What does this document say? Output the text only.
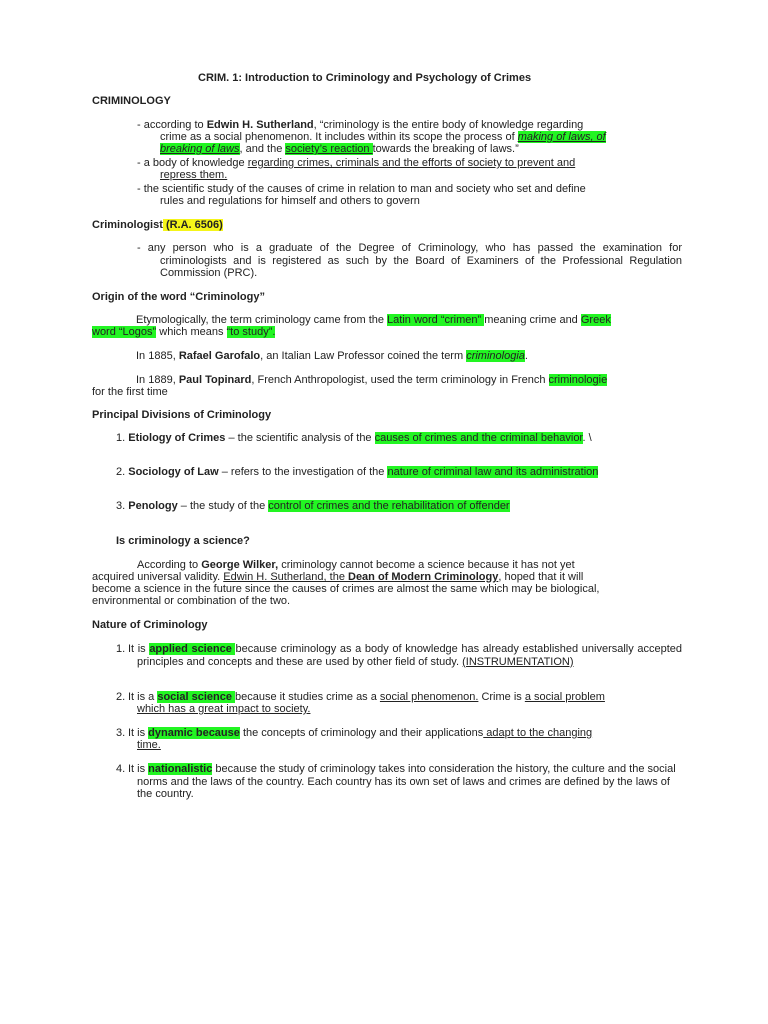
CRIM. 1: Introduction to Criminology and Psychology of Crimes
CRIMINOLOGY
- according to Edwin H. Sutherland, “criminology is the entire body of knowledge regarding
crime as a social phenomenon. It includes within its scope the process of making of laws, of
breaking of laws, and the society’s reaction towards the breaking of laws.”
- a body of knowledge regarding crimes, criminals and the efforts of society to prevent and
repress them.
- the scientific study of the causes of crime in relation to man and society who set and define
rules and regulations for himself and others to govern
Criminologist (R.A. 6506)
- any person who is a graduate of the Degree of Criminology, who has passed the examination for criminologists and is registered as such by the Board of Examiners of the Professional Regulation Commission (PRC).
Origin of the word “Criminology”
Etymologically, the term criminology came from the Latin word “crimen” meaning crime and Greek
word “Logos” which means “to study”.
In 1885, Rafael Garofalo, an Italian Law Professor coined the term criminologia.
In 1889, Paul Topinard, French Anthropologist, used the term criminology in French criminologie
for the first time
Principal Divisions of Criminology
1. Etiology of Crimes – the scientific analysis of the causes of crimes and the criminal behavior. \
2. Sociology of Law – refers to the investigation of the nature of criminal law and its administration
3. Penology – the study of the control of crimes and the rehabilitation of offender
Is criminology a science?
According to George Wilker, criminology cannot become a science because it has not yet
acquired universal validity. Edwin H. Sutherland, the Dean of Modern Criminology, hoped that it will
become a science in the future since the causes of crimes are almost the same which may be biological,
environmental or combination of the two.
Nature of Criminology
1. It is applied science because criminology as a body of knowledge has already established universally accepted principles and concepts and these are used by other field of study. (INSTRUMENTATION)
2. It is a social science because it studies crime as a social phenomenon. Crime is a social problem
which has a great impact to society.
3. It is dynamic because the concepts of criminology and their applications adapt to the changing
time.
4. It is nationalistic because the study of criminology takes into consideration the history, the culture and the social norms and the laws of the country. Each country has its own set of laws and crimes are defined by the laws of the country.
